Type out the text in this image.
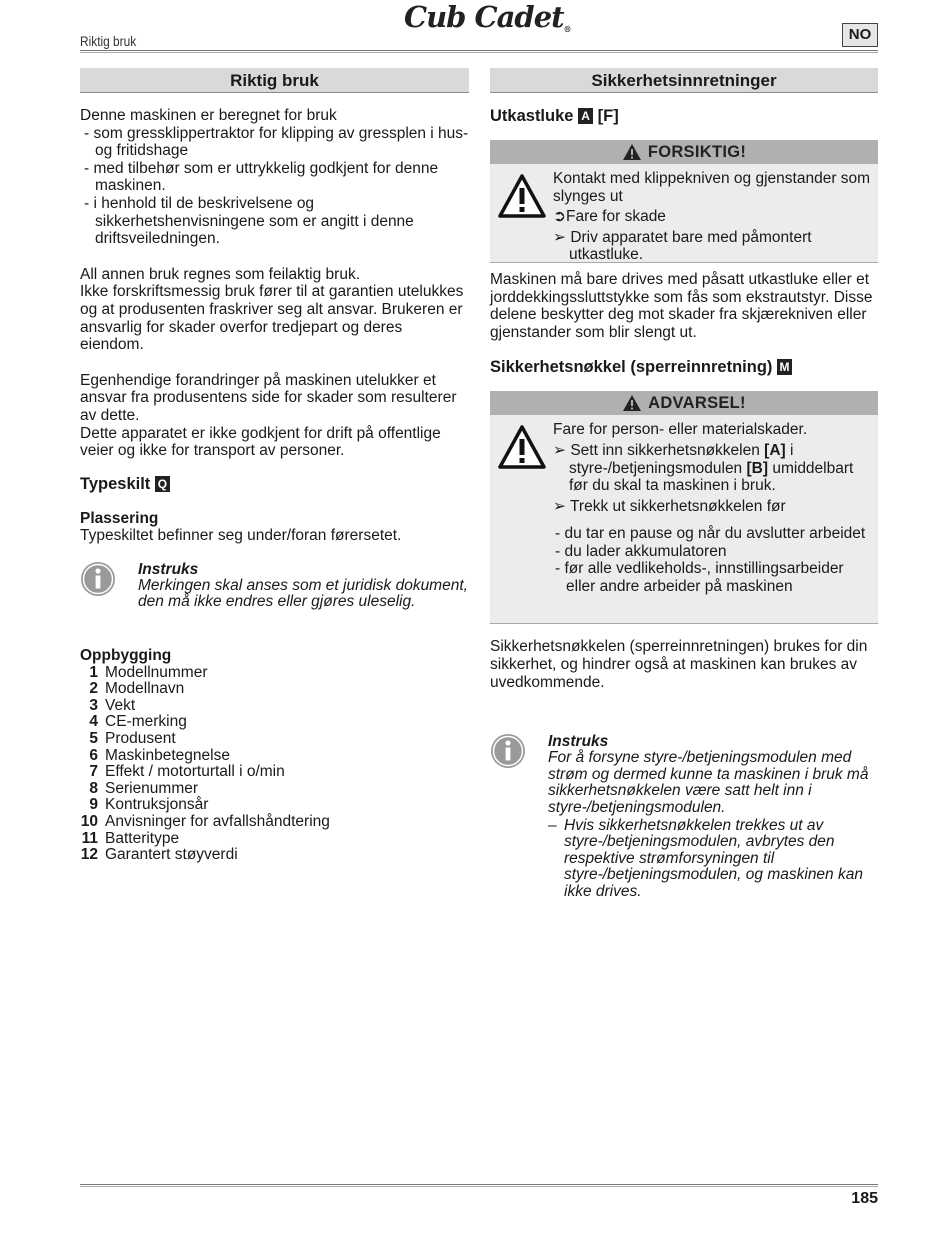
Cub Cadet®
Riktig bruk	NO
Riktig bruk

Denne maskinen er beregnet for bruk

- som gressklippertraktor for klipping av gressplen i hus- og fritidshage
- med tilbehør som er uttrykkelig godkjent for denne maskinen.
- i henhold til de beskrivelsene og sikkerhetshenvisningene som er angitt i denne driftsveiledningen.

All annen bruk regnes som feilaktig bruk.
Ikke forskriftsmessig bruk fører til at garantien utelukkes og at produsenten fraskriver seg alt ansvar. Brukeren er ansvarlig for skader overfor tredjepart og deres eiendom.

Egenhendige forandringer på maskinen utelukker et ansvar fra produsentens side for skader som resulterer av dette.
Dette apparatet er ikke godkjent for drift på offentlige veier og ikke for transport av personer.

Typeskilt Q
Plassering

Typeskiltet befinner seg under/foran førersetet.

Instruks
Merkingen skal anses som et juridisk dokument, den må ikke endres eller gjøres uleselig.
Oppbygging
1 Modellnummer
2 Modellnavn
3 Vekt
4 CE-merking
5 Produsent
6 Maskinbetegnelse
7 Effekt / motorturtall i o/min
8 Serienummer
9 Kontruksjonsår
10 Anvisninger for avfallshåndtering
11 Batteritype
12 Garantert støyverdi
Sikkerhetsinnretninger
Utkastluke A [F]
FORSIKTIG!
Kontakt med klippekniven og gjenstander som slynges ut
➲Fare for skade
➢ Driv apparatet bare med påmontert utkastluke.

Maskinen må bare drives med påsatt utkastluke eller et jorddekkingssluttstykke som fås som ekstrautstyr. Disse delene beskytter deg mot skader fra skjærekniven eller gjenstander som blir slengt ut.

Sikkerhetsnøkkel (sperreinnretning) M
ADVARSEL!
Fare for person- eller materialskader.
➢ Sett inn sikkerhetsnøkkelen [A] i styre-/betjeningsmodulen [B] umiddelbart før du skal ta maskinen i bruk.
➢ Trekk ut sikkerhetsnøkkelen før
- du tar en pause og når du avslutter arbeidet
- du lader akkumulatoren
- før alle vedlikeholds-, innstillingsarbeider eller andre arbeider på maskinen

Sikkerhetsnøkkelen (sperreinnretningen) brukes for din sikkerhet, og hindrer også at maskinen kan brukes av uvedkommende.

Instruks
For å forsyne styre-/betjeningsmodulen med strøm og dermed kunne ta maskinen i bruk må sikkerhetsnøkkelen være satt helt inn i styre-/betjeningsmodulen.
– Hvis sikkerhetsnøkkelen trekkes ut av styre-/betjeningsmodulen, avbrytes den respektive strømforsyningen til styre-/betjeningsmodulen, og maskinen kan ikke drives.
185
